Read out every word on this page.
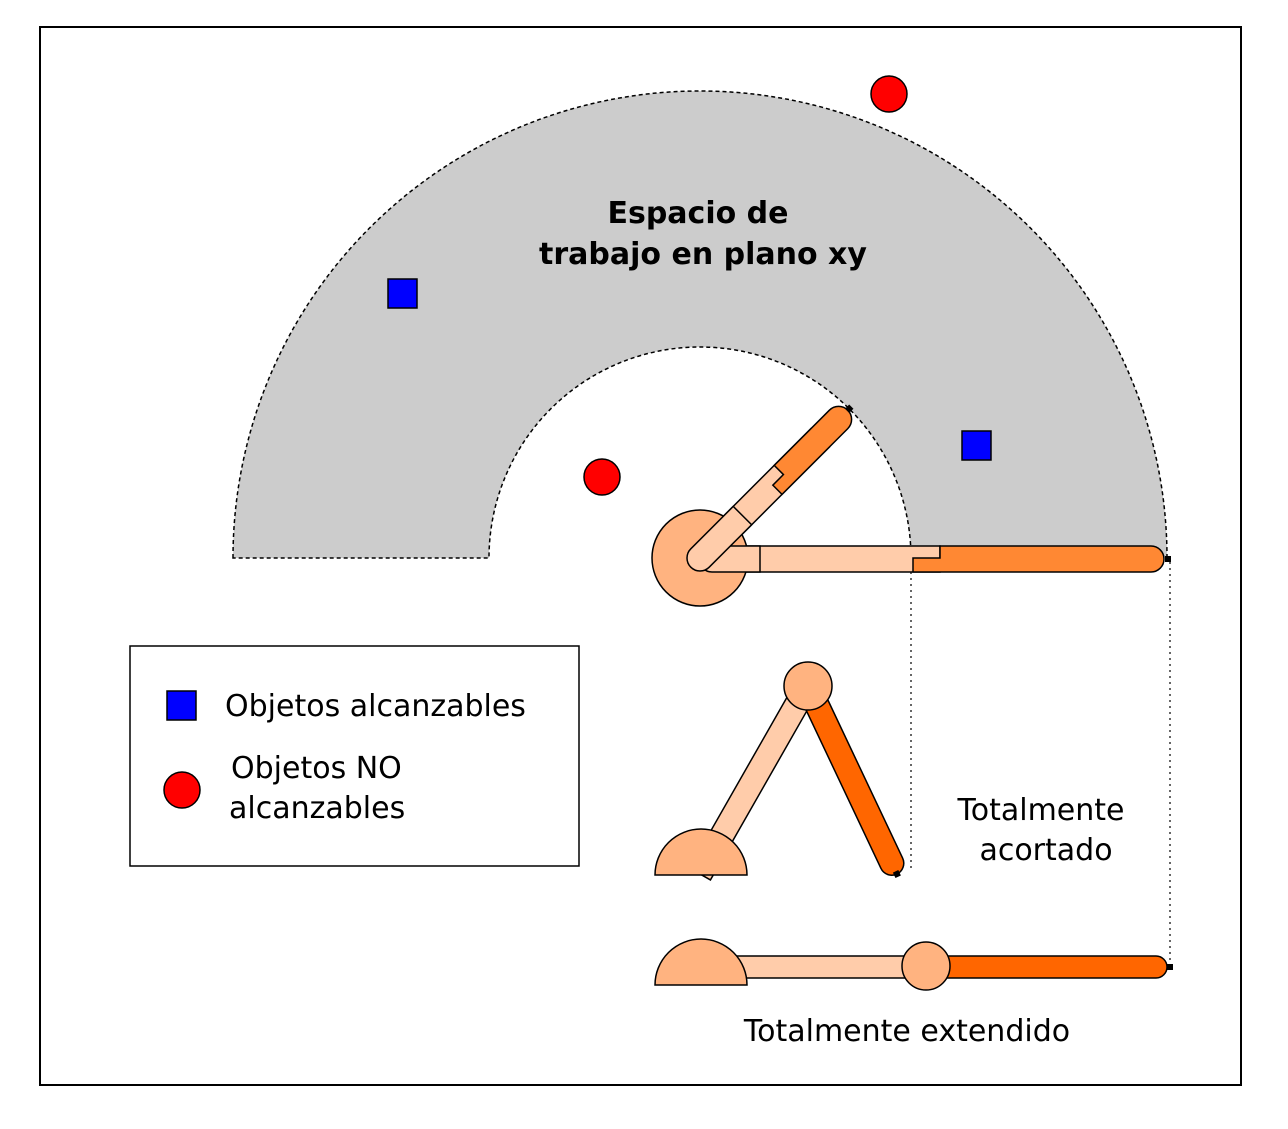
Espacio de
trabajo en plano xy
Objetos alcanzables
Objetos NO
alcanzables	Totalmente
acortado
Totalmente extendido
